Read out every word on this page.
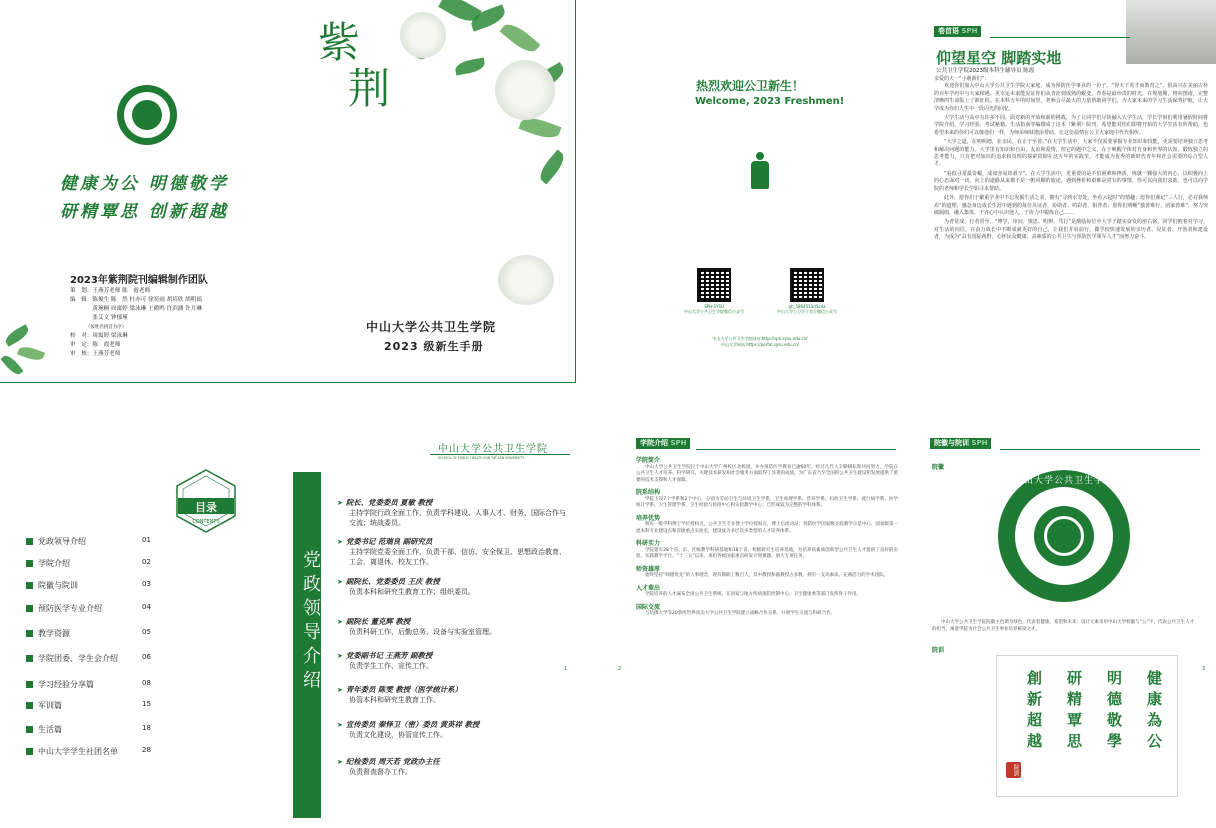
紫
荆
健康为公 明德敬学
研精覃思 创新超越
2023年紫荆院刊编辑制作团队
策　划：王燕芳老师 陈　霞老师
编　辑：陈俊生 陈　然 杜亦可 徐奕雨 胡培欣 胡明瑶
　　　　黄琬桐 周寓婷 梁泳琳 王鹤鸣 许滨涵 许月琳
　　　　张艾文 钟郁瑾
　　　　（按姓名拼音为序）
校　对：周寓婷 梁泳琳
审　定：陈　霞老师
审　核：王燕芳老师
中山大学公共卫生学院
2023 级新生手册
热烈欢迎公卫新生！
Welcome, 2023 Freshmen!
SPH-SYSU
中山大学公共卫生学院微信公众号
gh_5864513d5c4a
中山大学公卫学子官方微信公众号
中山大学公共卫生学院网站:http://sph.sysu.edu.cn/
中山大学网站:https://portal.sysu.edu.cn/
卷首语 SPH
仰望星空 脚踏实地
公共卫生学院2023级本科生辅导员 陈霞
亲爱的大一“小萌新们”：
欢迎你们加入中山大学公共卫生学院大家庭，成为预防医学事业的一份子。“得天下英才而教育之”，很高兴在美丽古朴的百年学府中与大家相遇。更幸运未来能见证你们从青涩到成熟的蜕变。青春是最珍贵的时光，在规划期，将向图南，完整清晰的生命版上了新征程。在本科五年的时间里，老师会尽最大的力量帮助同学们，为大家未来的学习生活保驾护航，让大学成为你们人生中一段闪光的回忆。
大学生活与高中有许多不同。面对新的开始和新的挑战，为了让同学们尽快融入大学生活，学长学姐们利用暑假时间将学院介绍、学习经验、考试秘籍、生活指南等编撰成了这本《紫荆》院刊，希望能对你们即将开始的大学生活有所帮助，也希望未来的你们可以像他们一样，为师弟师妹增添帮助，让这份温情在公卫大家庭中代代相传。
“大学之道，在明明德，在亲民，在止于至善。”在大学生活中，大家不仅需要掌握专业知识和技能，更需要培养独立思考和解决问题的能力。大学里有知识和自由，友谊和爱情，但它的题中之义，在于唤醒个体对自身和世界的认知，锻炼独立的思考能力，只有把对知识的追求和真理的探索贯彻在这五年的实践里，才能成为优秀的新时代青年和社会需要的综合型人才。
“看似寻常最奇崛，成如容易却艰辛”。在大学生活中，更重要的是不怕困难和挫折，练就一颗强大的内心，以积极向上的心态面对一切。向上的道路从来都不是一帆风顺的旅途，遇到挫折和艰难是常有的事情，你可以向我们求助，也可以向学院的老师和学长学姐寻求帮助。
此外，愿你们于繁重学业中不忘发掘生活之美，拥有“寻到水穷处，坐看云起时”的情趣；愿你们谨记“三人行，必有我师焉”的道理，感念身边成长生涯中遇到的每位贝证者、协助者、鸣彩者、相伴者；愿你们明晰“独善难行，团家善难”，努力突破隔阂，融入集体，于齐心中认识他人，于协力中锻炼自己……
为者常成，行者常至。“博学、审问、慎思、明辨、笃行”是激励每位中大学子踏实奋发的座右铭。同学们抱着对学习、对生活的向往，在奋力成长中不断成就更好的自己，让我们并肩前行，做学校快速发展的亲历者、见证者、开创者和建设者，为成为“具有国际视野、心怀民众健康、高素质的公共卫生与预防医学领军人才”而努力奋斗。
目录
CONTENTS
党政领导介绍	01
学院介绍	02
院徽与院训	03
预防医学专业介绍	04
教学资源	05
学院团委、学生会介绍	06
学习经验分享篇	08
军训篇	15
生活篇	18
中山大学学生社团名单	28
中山大学公共卫生学院
SCHOOL OF PUBLIC HEALTH SUN YAT-SEN UNIVERSITY
党政领导介绍
➤ 院长、党委委员 夏敏 教授
主持学院行政全面工作，负责学科建设、人事人才、财务、国际合作与交流；统战委员。
➤ 党委书记 范瑞良 副研究员
主持学院党委全面工作，负责干部、信访、安全保卫、思想政治教育、工会、离退休、校友工作。
➤ 副院长、党委委员 王庆 教授
负责本科和研究生教育工作；组织委员。
➤ 副院长 董克辉 教授
负责科研工作、后勤总务、设备与实验室管理。
➤ 党委副书记 王燕芳 副教授
负责学生工作、宣传工作。
➤ 青年委员 陈雯 教授（医学统计系）
协管本科和研究生教育工作。
➤ 宣传委员 秦怿卫（密）委员 黄英祥 教授
负责文化建设，协管宣传工作。
➤ 纪检委员 周天若 党政办主任
负责督查督办工作。
1
学院介绍 SPH
学院简介
中山大学公共卫生学院位于中山大学广州校区北校园，并办预防医学教育已逾60年。经过几代人辛勤耕耘和共同努力，学院在公共卫生人才培养、科学研究、关键技术研发和社会服务方面取得了显著的成绩，为广东省乃至全国的公共卫生建设和发展提供了重要的技术支撑和人才保障。
院系结构
学院下设7个学系和2个中心，分别为劳动卫生与环境卫生学系、卫生毒理学系、营养学系、妇幼卫生学系、流行病学系、医学统计学系、卫生管理学系，卫生检验与检疫中心和实验教学中心；已形成较为完整的学科体系。
培养优势
拥有一级学科博士学位授权点，公共卫生专业博士学位授权点，博士后流动站；预防医学国家级实验教学示范中心，国家级第一流本科专业建设点和省级重点实验室，建设成为多层次多类型的人才培养体系。
科研实力
学院建有28个省、市、区级教学科研基地和18个省、校级研究生培养基地，为培养高素质创新型公共卫生人才提供了良好的实验、实践教学平台。“十三五”以来，承担各级国家重点研发计划课题、重大专项任务。
师资雄厚
始终坚持“师德优先”的人事理念，现有教职工数百人，其中教授和副教授占多数，拥有一支高素质、充满活力的学术团队。
人才辈出
学院培养的人才遍布全国公共卫生系统，在国家与地方疾病预防控制中心、卫生健康委等部门发挥骨干作用。
国际交流
与哈佛大学等20余所世界顶尖大学公共卫生学院建立战略合作关系，开展学生交流与科研合作。
2
院徽与院训 SPH
院徽
中山大学公共卫生学院
中山大学公共卫生学院院徽主色调为绿色，代表着健康、希望和未来；设计元素采用中山大学校徽与“公”字，代表公共卫生人才的担当，寓意学院为社会公共卫生事业培养栋梁之才。
院训
健康為公
明德敬學
研精覃思
創新超越
院訓
3
